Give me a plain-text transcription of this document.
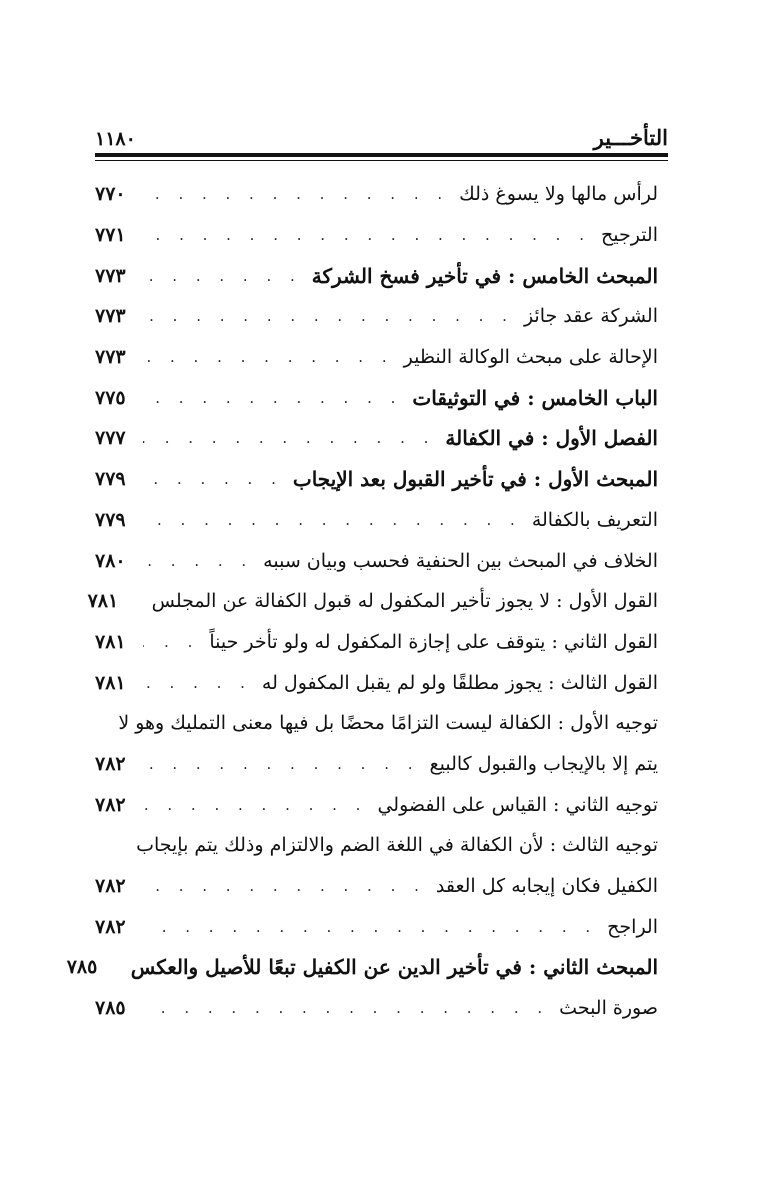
التأخـــير
١١٨٠
لرأس مالها ولا يسوغ ذلك
. . .
٧٧٠
الترجيح
. . .
٧٧١
المبحث الخامس : في تأخير فسخ الشركة
. . .
٧٧٣
الشركة عقد جائز
. . .
٧٧٣
الإحالة على مبحث الوكالة النظير
. . .
٧٧٣
الباب الخامس : في التوثيقات
. . .
٧٧٥
الفصل الأول : في الكفالة
. . .
٧٧٧
المبحث الأول : في تأخير القبول بعد الإيجاب
. . .
٧٧٩
التعريف بالكفالة
. . .
٧٧٩
الخلاف في المبحث بين الحنفية فحسب وبيان سببه
. . .
٧٨٠
القول الأول : لا يجوز تأخير المكفول له قبول الكفالة عن المجلس
. . .
٧٨١
القول الثاني : يتوقف على إجازة المكفول له ولو تأخر حيناً
. . .
٧٨١
القول الثالث : يجوز مطلقًا ولو لم يقبل المكفول له
. . .
٧٨١
توجيه الأول : الكفالة ليست التزامًا محضًا بل فيها معنى التمليك وهو لا
يتم إلا بالإيجاب والقبول كالبيع
. . .
٧٨٢
توجيه الثاني : القياس على الفضولي
. . .
٧٨٢
توجيه الثالث : لأن الكفالة في اللغة الضم والالتزام وذلك يتم بإيجاب
الكفيل فكان إيجابه كل العقد
. . .
٧٨٢
الراجح
. . .
٧٨٢
المبحث الثاني : في تأخير الدين عن الكفيل تبعًا للأصيل والعكس
. . .
٧٨٥
صورة البحث
. . .
٧٨٥
